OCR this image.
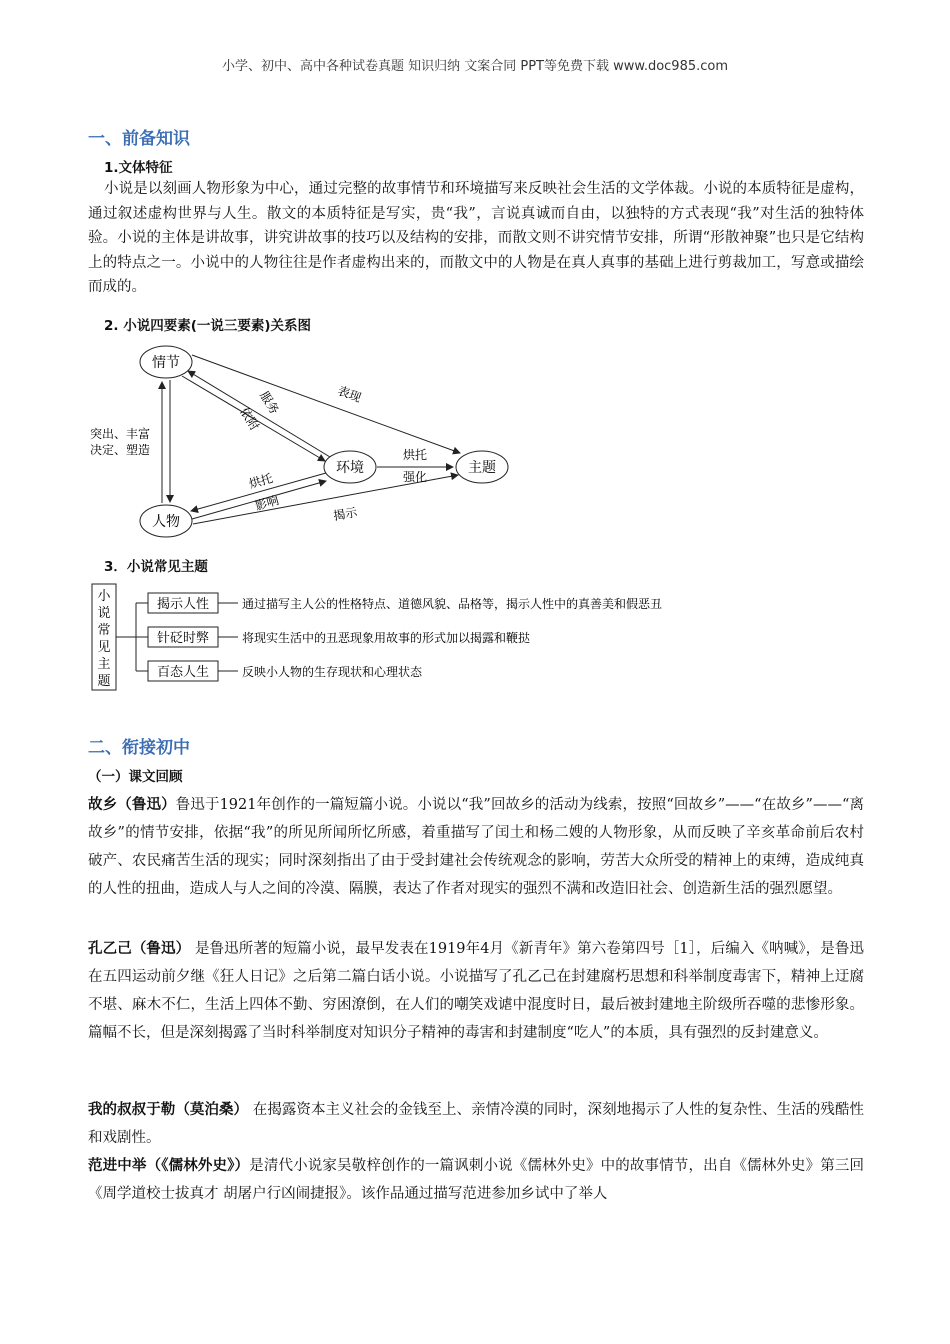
小学、初中、高中各种试卷真题 知识归纳 文案合同 PPT等免费下载 www.doc985.com
一、前备知识
1.文体特征
小说是以刻画人物形象为中心，通过完整的故事情节和环境描写来反映社会生活的文学体裁。小说的本质特征是虚构，通过叙述虚构世界与人生。散文的本质特征是写实，贵“我”，言说真诚而自由，以独特的方式表现“我”对生活的独特体验。小说的主体是讲故事，讲究讲故事的技巧以及结构的安排，而散文则不讲究情节安排，所谓“形散神聚”也只是它结构上的特点之一。小说中的人物往往是作者虚构出来的，而散文中的人物是在真人真事的基础上进行剪裁加工，写意或描绘而成的。
2. 小说四要素(一说三要素)关系图
情节
环境	主题
人物
表现
服务
依附
烘托
强化
烘托
影响
揭示
突出、丰富
决定、塑造
3．小说常见主题
小
说
常
见
主
题
揭示人性
针砭时弊
百态人生
通过描写主人公的性格特点、道德风貌、品格等，揭示人性中的真善美和假恶丑
将现实生活中的丑恶现象用故事的形式加以揭露和鞭挞
反映小人物的生存现状和心理状态
二、衔接初中
（一）课文回顾
故乡（鲁迅）鲁迅于1921年创作的一篇短篇小说。小说以“我”回故乡的活动为线索，按照“回故乡”——“在故乡”——“离故乡”的情节安排，依据“我”的所见所闻所忆所感，着重描写了闰土和杨二嫂的人物形象，从而反映了辛亥革命前后农村破产、农民痛苦生活的现实；同时深刻指出了由于受封建社会传统观念的影响，劳苦大众所受的精神上的束缚，造成纯真的人性的扭曲，造成人与人之间的冷漠、隔膜，表达了作者对现实的强烈不满和改造旧社会、创造新生活的强烈愿望。
孔乙己（鲁迅） 是鲁迅所著的短篇小说，最早发表在1919年4月《新青年》第六卷第四号［1］，后编入《呐喊》，是鲁迅在五四运动前夕继《狂人日记》之后第二篇白话小说。小说描写了孔乙己在封建腐朽思想和科举制度毒害下，精神上迂腐不堪、麻木不仁，生活上四体不勤、穷困潦倒，在人们的嘲笑戏谑中混度时日，最后被封建地主阶级所吞噬的悲惨形象。篇幅不长，但是深刻揭露了当时科举制度对知识分子精神的毒害和封建制度“吃人”的本质，具有强烈的反封建意义。
我的叔叔于勒（莫泊桑） 在揭露资本主义社会的金钱至上、亲情冷漠的同时，深刻地揭示了人性的复杂性、生活的残酷性和戏剧性。
范进中举（《儒林外史》）是清代小说家吴敬梓创作的一篇讽刺小说《儒林外史》中的故事情节，出自《儒林外史》第三回《周学道校士拔真才 胡屠户行凶闹捷报》。该作品通过描写范进参加乡试中了举人
